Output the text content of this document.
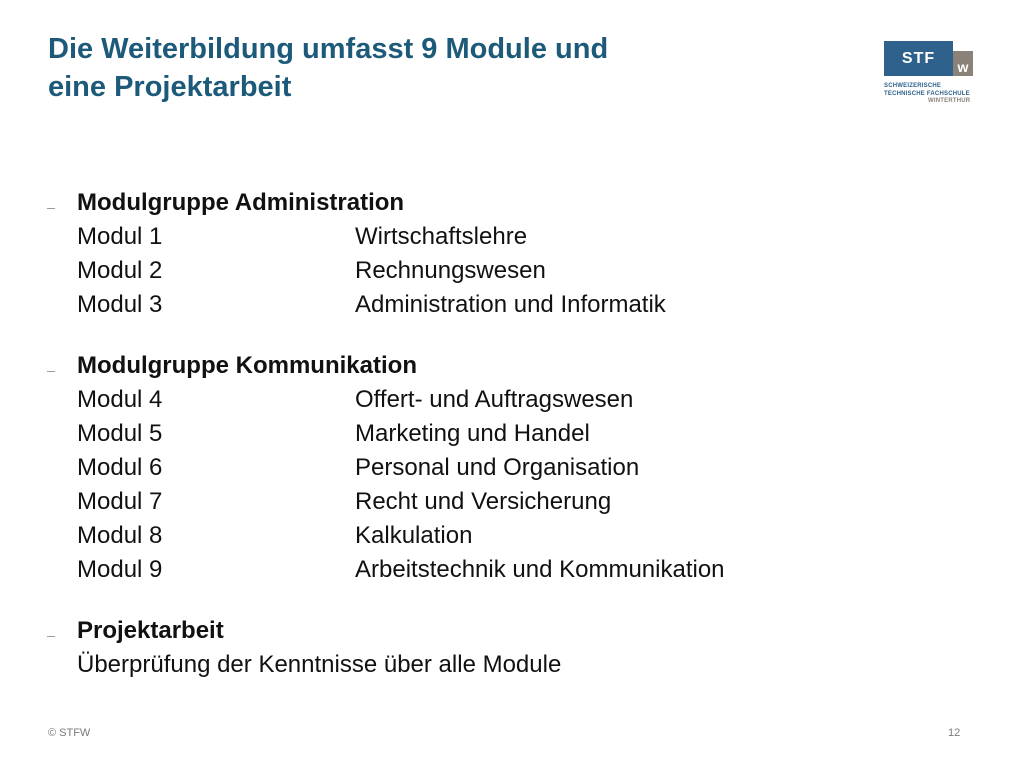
Die Weiterbildung umfasst 9 Module und
eine Projektarbeit
STF	w
SCHWEIZERISCHE
TECHNISCHE FACHSCHULE
WINTERTHUR
Modulgruppe Administration
Modul 1	Wirtschaftslehre
Modul 2	Rechnungswesen
Modul 3	Administration und Informatik
Modulgruppe Kommunikation
Modul 4	Offert- und Auftragswesen
Modul 5	Marketing und Handel
Modul 6	Personal und Organisation
Modul 7	Recht und Versicherung
Modul 8	Kalkulation
Modul 9	Arbeitstechnik und Kommunikation
Projektarbeit
Überprüfung der Kenntnisse über alle Module
© STFW	12
